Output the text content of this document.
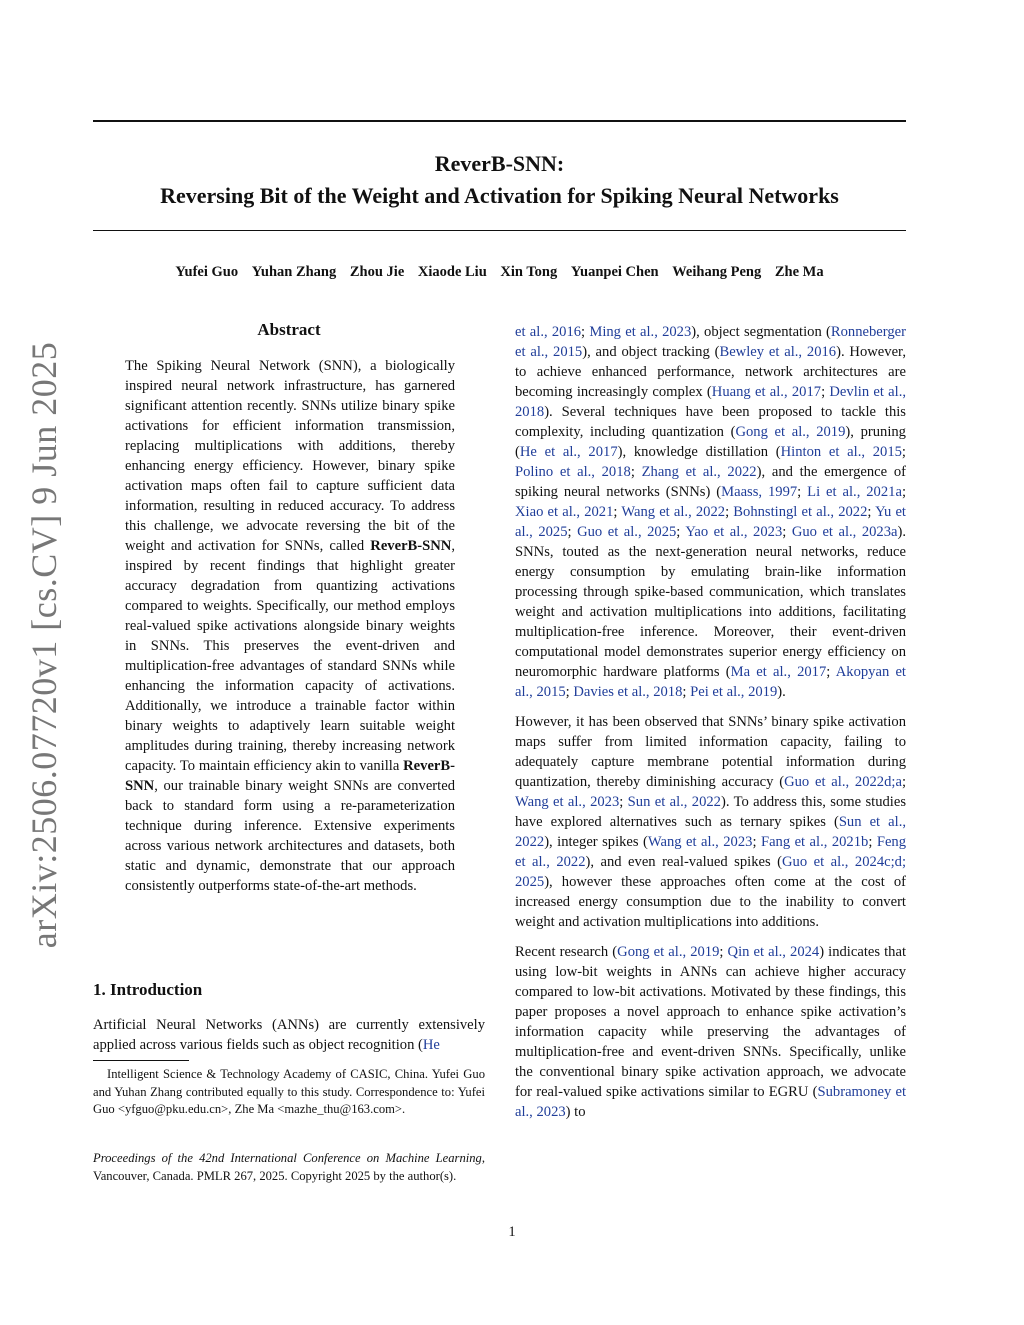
ReverB-SNN:
Reversing Bit of the Weight and Activation for Spiking Neural Networks
Yufei Guo Yuhan Zhang Zhou Jie Xiaode Liu Xin Tong Yuanpei Chen Weihang Peng Zhe Ma
arXiv:2506.07720v1 [cs.CV] 9 Jun 2025
Abstract

The Spiking Neural Network (SNN), a biologically inspired neural network infrastructure, has garnered significant attention recently. SNNs utilize binary spike activations for efficient information transmission, replacing multiplications with additions, thereby enhancing energy efficiency. However, binary spike activation maps often fail to capture sufficient data information, resulting in reduced accuracy. To address this challenge, we advocate reversing the bit of the weight and activation for SNNs, called ReverB-SNN, inspired by recent findings that highlight greater accuracy degradation from quantizing activations compared to weights. Specifically, our method employs real-valued spike activations alongside binary weights in SNNs. This preserves the event-driven and multiplication-free advantages of standard SNNs while enhancing the information capacity of activations. Additionally, we introduce a trainable factor within binary weights to adaptively learn suitable weight amplitudes during training, thereby increasing network capacity. To maintain efficiency akin to vanilla ReverB-SNN, our trainable binary weight SNNs are converted back to standard form using a re-parameterization technique during inference. Extensive experiments across various network architectures and datasets, both static and dynamic, demonstrate that our approach consistently outperforms state-of-the-art methods.

1. Introduction

Artificial Neural Networks (ANNs) are currently extensively applied across various fields such as object recognition (He

Intelligent Science & Technology Academy of CASIC, China. Yufei Guo and Yuhan Zhang contributed equally to this study. Correspondence to: Yufei Guo <yfguo@pku.edu.cn>, Zhe Ma <mazhe_thu@163.com>.

Proceedings of the 42nd International Conference on Machine Learning, Vancouver, Canada. PMLR 267, 2025. Copyright 2025 by the author(s).

et al., 2016; Ming et al., 2023), object segmentation (Ronneberger et al., 2015), and object tracking (Bewley et al., 2016). However, to achieve enhanced performance, network architectures are becoming increasingly complex (Huang et al., 2017; Devlin et al., 2018). Several techniques have been proposed to tackle this complexity, including quantization (Gong et al., 2019), pruning (He et al., 2017), knowledge distillation (Hinton et al., 2015; Polino et al., 2018; Zhang et al., 2022), and the emergence of spiking neural networks (SNNs) (Maass, 1997; Li et al., 2021a; Xiao et al., 2021; Wang et al., 2022; Bohnstingl et al., 2022; Yu et al., 2025; Guo et al., 2025; Yao et al., 2023; Guo et al., 2023a). SNNs, touted as the next-generation neural networks, reduce energy consumption by emulating brain-like information processing through spike-based communication, which translates weight and activation multiplications into additions, facilitating multiplication-free inference. Moreover, their event-driven computational model demonstrates superior energy efficiency on neuromorphic hardware platforms (Ma et al., 2017; Akopyan et al., 2015; Davies et al., 2018; Pei et al., 2019).

However, it has been observed that SNNs’ binary spike activation maps suffer from limited information capacity, failing to adequately capture membrane potential information during quantization, thereby diminishing accuracy (Guo et al., 2022d;a; Wang et al., 2023; Sun et al., 2022). To address this, some studies have explored alternatives such as ternary spikes (Sun et al., 2022), integer spikes (Wang et al., 2023; Fang et al., 2021b; Feng et al., 2022), and even real-valued spikes (Guo et al., 2024c;d; 2025), however these approaches often come at the cost of increased energy consumption due to the inability to convert weight and activation multiplications into additions.

Recent research (Gong et al., 2019; Qin et al., 2024) indicates that using low-bit weights in ANNs can achieve higher accuracy compared to low-bit activations. Motivated by these findings, this paper proposes a novel approach to enhance spike activation’s information capacity while preserving the advantages of multiplication-free and event-driven SNNs. Specifically, unlike the conventional binary spike activation approach, we advocate for real-valued spike activations similar to EGRU (Subramoney et al., 2023) to

1
